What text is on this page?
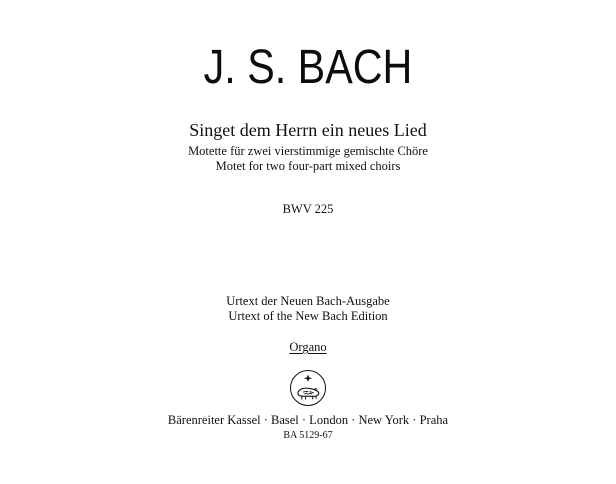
J. S. BACH
Singet dem Herrn ein neues Lied
Motette für zwei vierstimmige gemischte Chöre
Motet for two four-part mixed choirs
BWV 225
Urtext der Neuen Bach-Ausgabe
Urtext of the New Bach Edition
Organo
Bärenreiter Kassel · Basel · London · New York · Praha
BA 5129-67
